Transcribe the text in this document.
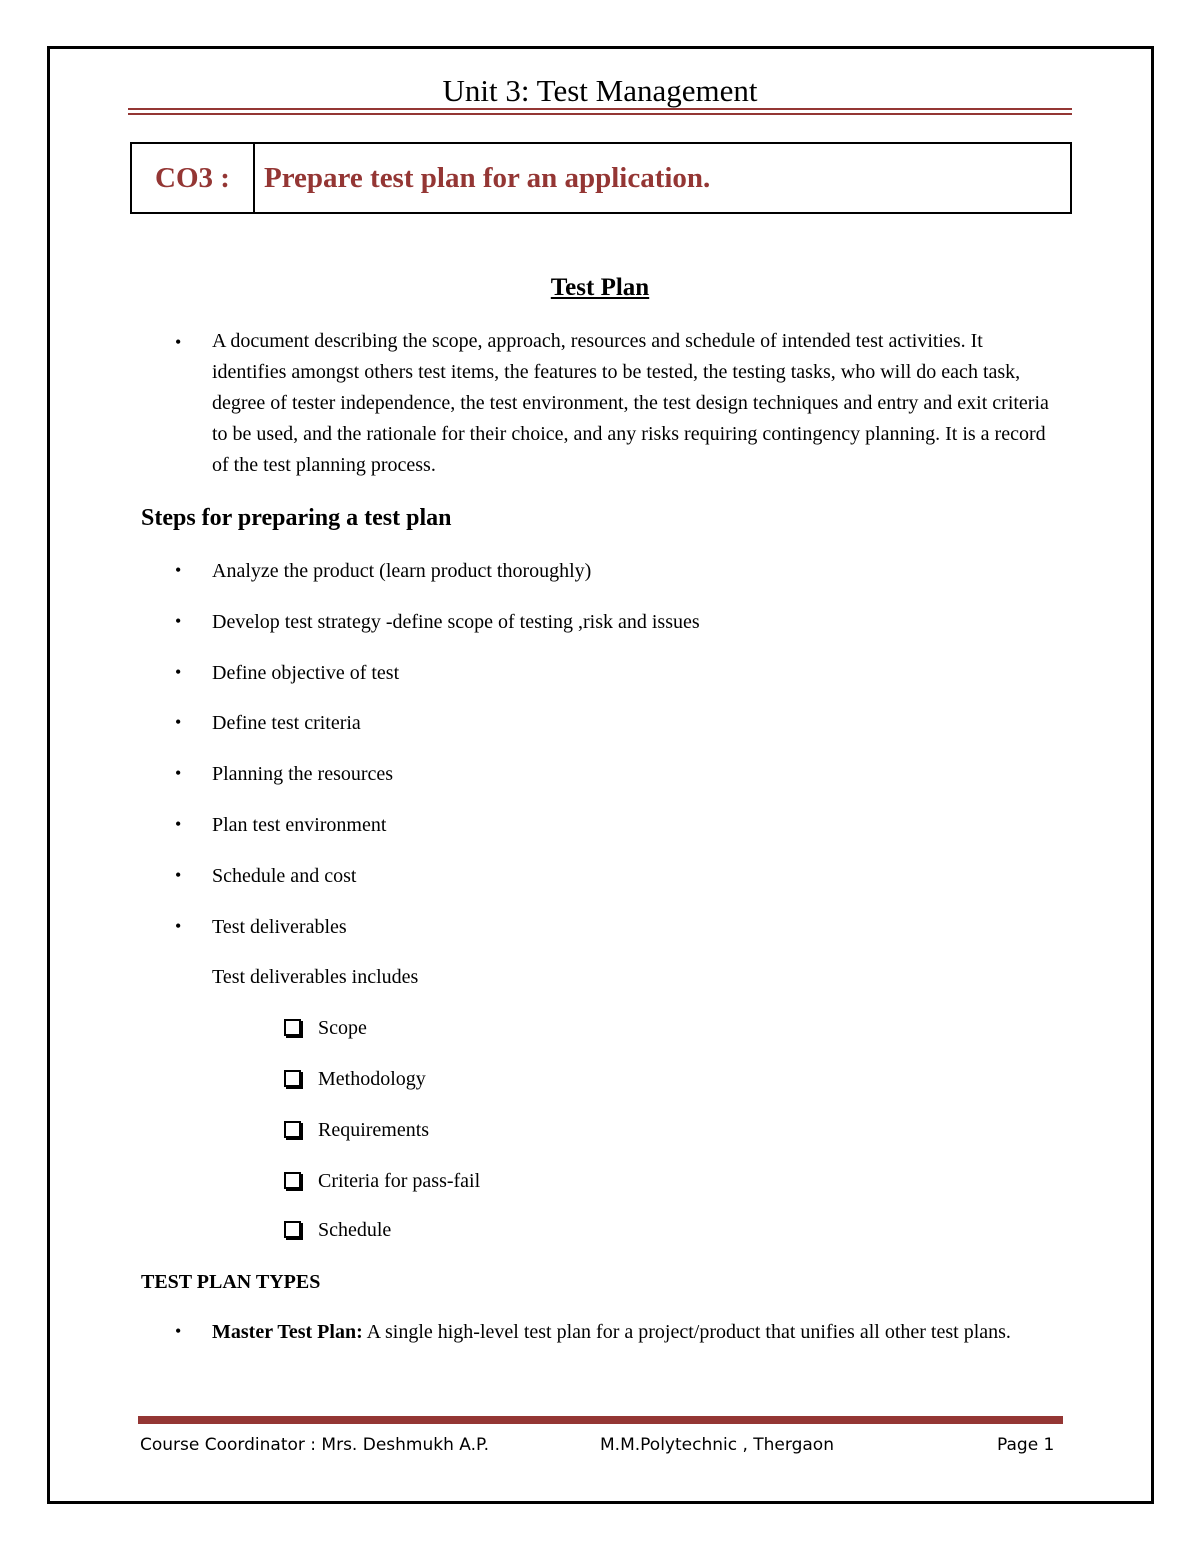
Unit 3: Test Management
CO3 :	Prepare test plan for an application.
Test Plan
• A document describing the scope, approach, resources and schedule of intended test activities. It identifies amongst others test items, the features to be tested, the testing tasks, who will do each task, degree of tester independence, the test environment, the test design techniques and entry and exit criteria to be used, and the rationale for their choice, and any risks requiring contingency planning. It is a record of the test planning process.
Steps for preparing a test plan
• Analyze the product (learn product thoroughly)
• Develop test strategy -define scope of testing ,risk and issues
• Define objective of test
• Define test criteria
• Planning the resources
• Plan test environment
• Schedule and cost
• Test deliverables
Test deliverables includes
Scope
Methodology
Requirements
Criteria for pass-fail
Schedule
TEST PLAN TYPES
• Master Test Plan: A single high-level test plan for a project/product that unifies all other test plans.
Course Coordinator : Mrs. Deshmukh A.P.	M.M.Polytechnic , Thergaon	Page 1
